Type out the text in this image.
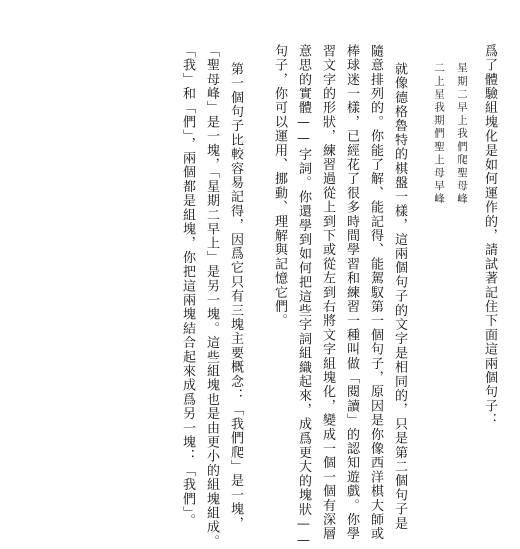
爲了體驗組塊化是如何運作的，請試著記住下面這兩個句子：
星期二早上我們爬聖母峰
二上星我期們聖上母早峰
就像德格魯特的棋盤一樣，這兩個句子的文字是相同的，只是第二個句子是
隨意排列的。你能了解、能記得、能駕馭第一個句子，原因是你像西洋棋大師或
棒球迷一樣，已經花了很多時間學習和練習一種叫做「閱讀」的認知遊戲。你學
習文字的形狀，練習過從上到下或從左到右將文字組塊化，變成一個一個有深層
意思的實體——字詞。你還學到如何把這些字詞組織起來，成爲更大的塊狀——
句子，你可以運用、挪動、理解與記憶它們。
第一個句子比較容易記得，因爲它只有三塊主要概念：「我們爬」是一塊，
「聖母峰」是一塊，「星期二早上」是另一塊。這些組塊也是由更小的組塊組成。
「我」和「們」，兩個都是組塊，你把這兩塊結合起來成爲另一塊：「我們」。
